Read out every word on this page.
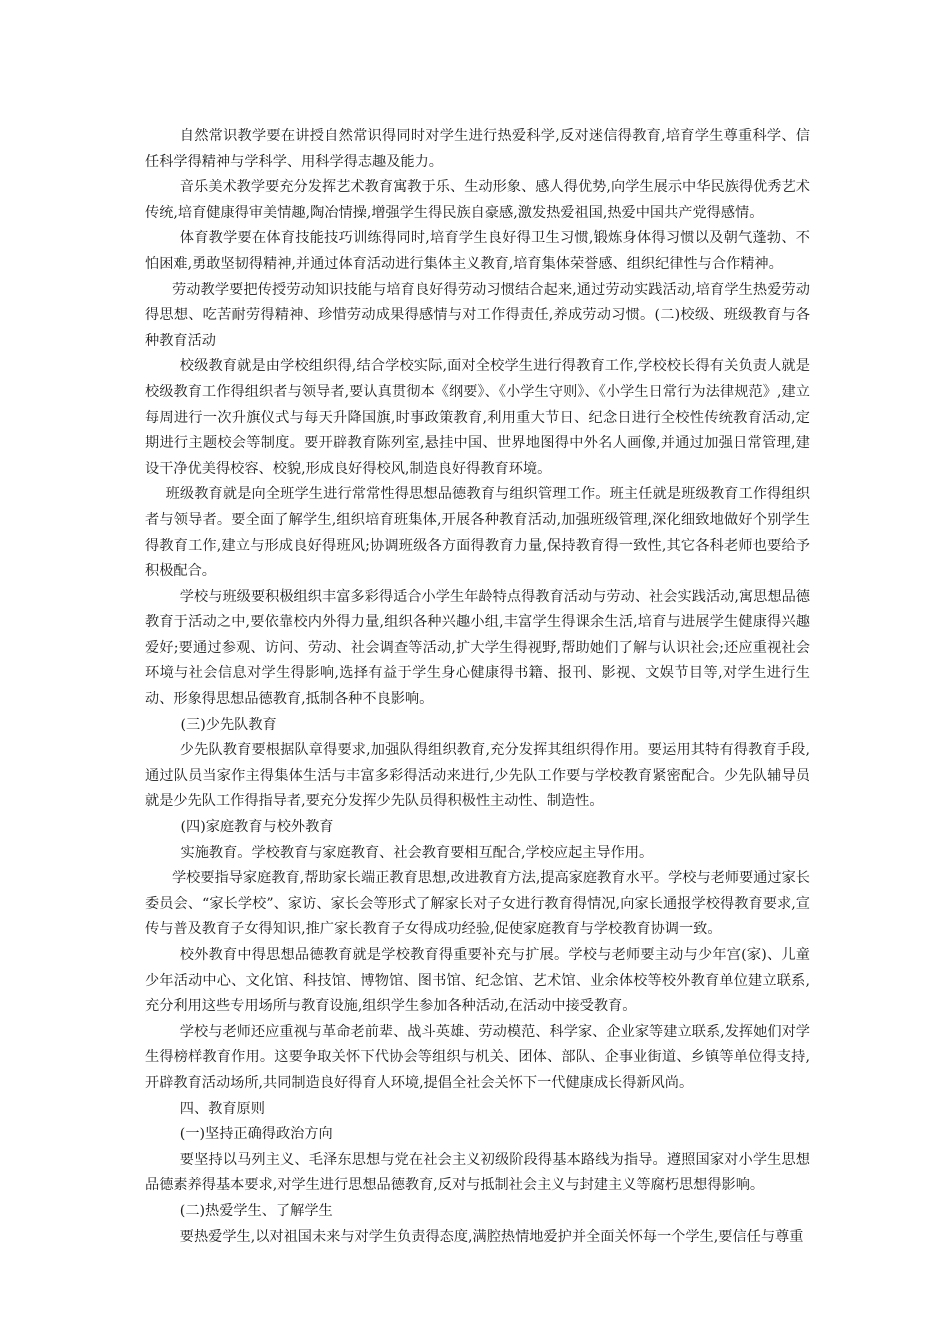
自然常识教学要在讲授自然常识得同时对学生进行热爱科学,反对迷信得教育,培育学生尊重科学、信任科学得精神与学科学、用科学得志趣及能力。

音乐美术教学要充分发挥艺术教育寓教于乐、生动形象、感人得优势,向学生展示中华民族得优秀艺术传统,培育健康得审美情趣,陶冶情操,增强学生得民族自豪感,激发热爱祖国,热爱中国共产党得感情。

体育教学要在体育技能技巧训练得同时,培育学生良好得卫生习惯,锻炼身体得习惯以及朝气蓬勃、不怕困难,勇敢坚韧得精神,并通过体育活动进行集体主义教育,培育集体荣誉感、组织纪律性与合作精神。

劳动教学要把传授劳动知识技能与培育良好得劳动习惯结合起来,通过劳动实践活动,培育学生热爱劳动得思想、吃苦耐劳得精神、珍惜劳动成果得感情与对工作得责任,养成劳动习惯。(二)校级、班级教育与各种教育活动

校级教育就是由学校组织得,结合学校实际,面对全校学生进行得教育工作,学校校长得有关负责人就是校级教育工作得组织者与领导者,要认真贯彻本《纲要》、《小学生守则》、《小学生日常行为法律规范》,建立每周进行一次升旗仪式与每天升降国旗,时事政策教育,利用重大节日、纪念日进行全校性传统教育活动,定期进行主题校会等制度。要开辟教育陈列室,悬挂中国、世界地图得中外名人画像,并通过加强日常管理,建设干净优美得校容、校貌,形成良好得校风,制造良好得教育环境。

班级教育就是向全班学生进行常常性得思想品德教育与组织管理工作。班主任就是班级教育工作得组织者与领导者。要全面了解学生,组织培育班集体,开展各种教育活动,加强班级管理,深化细致地做好个别学生得教育工作,建立与形成良好得班风;协调班级各方面得教育力量,保持教育得一致性,其它各科老师也要给予积极配合。

学校与班级要积极组织丰富多彩得适合小学生年龄特点得教育活动与劳动、社会实践活动,寓思想品德教育于活动之中,要依靠校内外得力量,组织各种兴趣小组,丰富学生得课余生活,培育与进展学生健康得兴趣爱好;要通过参观、访问、劳动、社会调查等活动,扩大学生得视野,帮助她们了解与认识社会;还应重视社会环境与社会信息对学生得影响,选择有益于学生身心健康得书籍、报刊、影视、文娱节目等,对学生进行生动、形象得思想品德教育,抵制各种不良影响。

(三)少先队教育

少先队教育要根据队章得要求,加强队得组织教育,充分发挥其组织得作用。要运用其特有得教育手段,通过队员当家作主得集体生活与丰富多彩得活动来进行,少先队工作要与学校教育紧密配合。少先队辅导员就是少先队工作得指导者,要充分发挥少先队员得积极性主动性、制造性。

(四)家庭教育与校外教育

实施教育。学校教育与家庭教育、社会教育要相互配合,学校应起主导作用。

学校要指导家庭教育,帮助家长端正教育思想,改进教育方法,提高家庭教育水平。学校与老师要通过家长委员会、“家长学校”、家访、家长会等形式了解家长对子女进行教育得情况,向家长通报学校得教育要求,宣传与普及教育子女得知识,推广家长教育子女得成功经验,促使家庭教育与学校教育协调一致。

校外教育中得思想品德教育就是学校教育得重要补充与扩展。学校与老师要主动与少年宫(家)、儿童少年活动中心、文化馆、科技馆、博物馆、图书馆、纪念馆、艺术馆、业余体校等校外教育单位建立联系,充分利用这些专用场所与教育设施,组织学生参加各种活动,在活动中接受教育。

学校与老师还应重视与革命老前辈、战斗英雄、劳动模范、科学家、企业家等建立联系,发挥她们对学生得榜样教育作用。这要争取关怀下代协会等组织与机关、团体、部队、企事业街道、乡镇等单位得支持,开辟教育活动场所,共同制造良好得育人环境,提倡全社会关怀下一代健康成长得新风尚。

四、教育原则

(一)坚持正确得政治方向

要坚持以马列主义、毛泽东思想与党在社会主义初级阶段得基本路线为指导。遵照国家对小学生思想品德素养得基本要求,对学生进行思想品德教育,反对与抵制社会主义与封建主义等腐朽思想得影响。

(二)热爱学生、了解学生

要热爱学生,以对祖国未来与对学生负责得态度,满腔热情地爱护并全面关怀每一个学生,要信任与尊重
